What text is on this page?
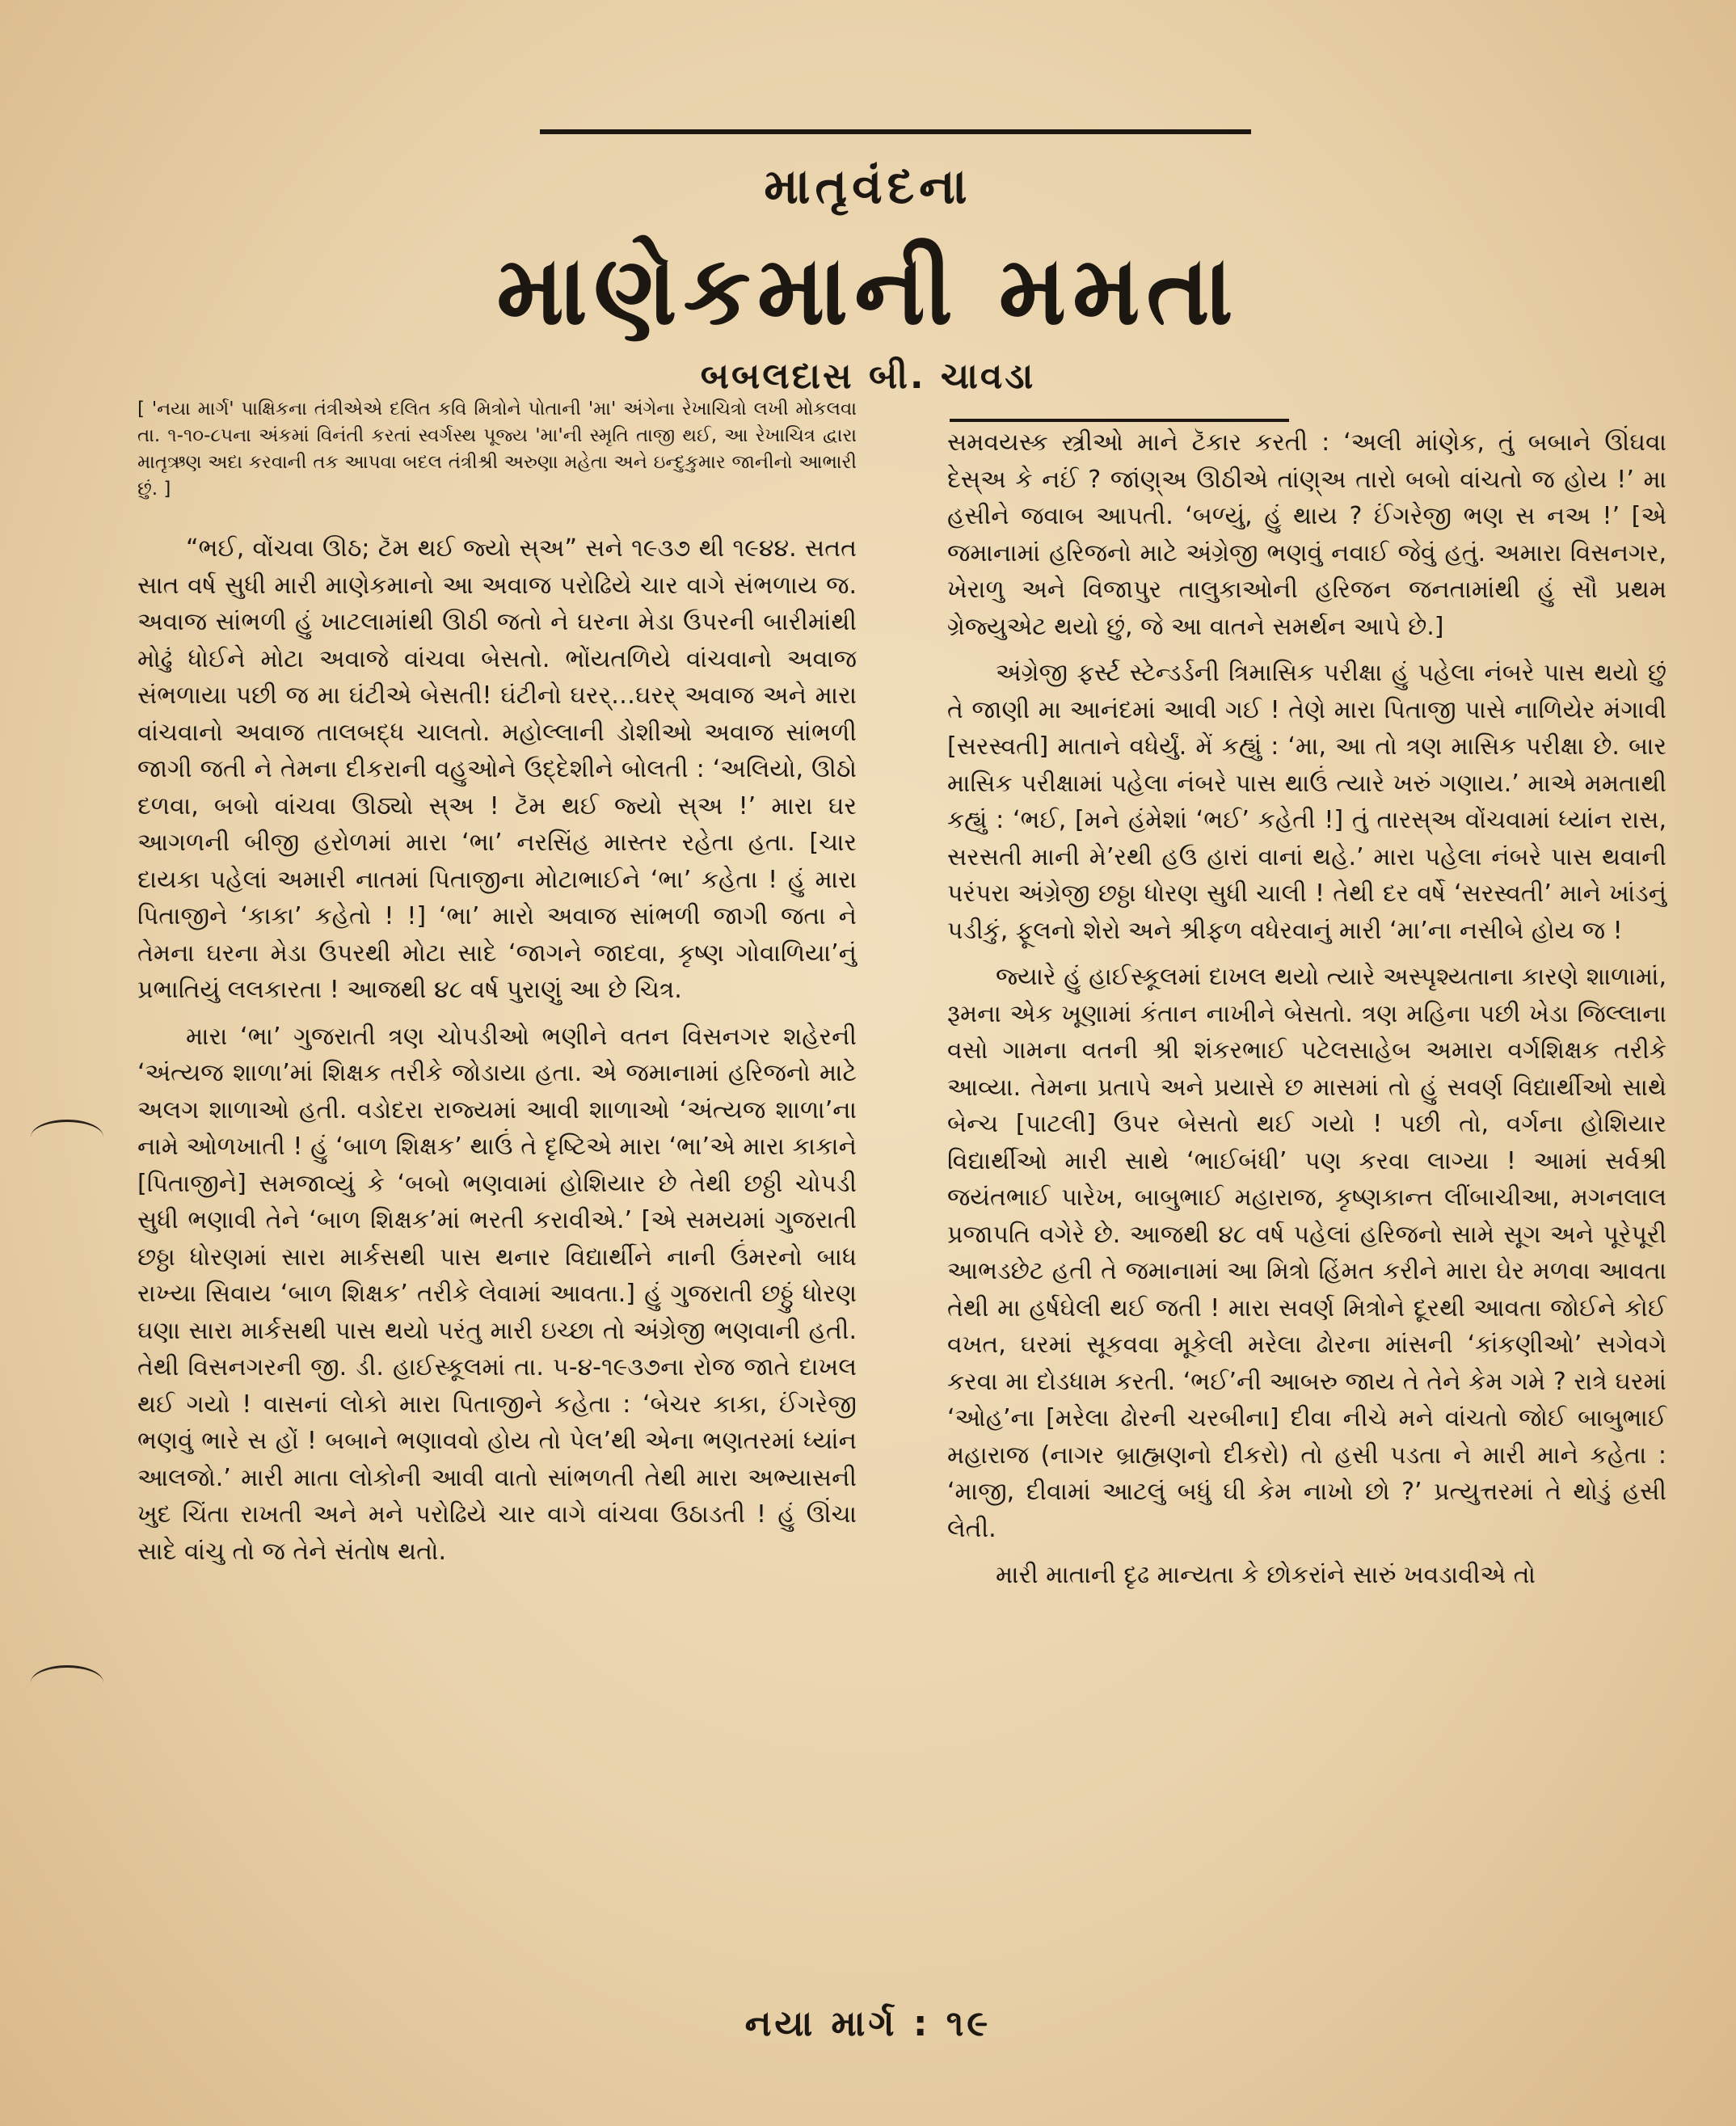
માતૃવંદના
માણેકમાની મમતા
બબલદાસ બી. ચાવડા

[ 'નયા માર્ગ' પાક્ષિકના તંત્રીએએ દલિત કવિ મિત્રોને પોતાની 'મા' અંગેના રેખાચિત્રો લખી મોકલવા તા. ૧-૧૦-૮૫ના અંકમાં વિનંતી કરતાં સ્વર્ગસ્થ પૂજ્ય 'મા'ની સ્મૃતિ તાજી થઈ, આ રેખાચિત્ર દ્વારા માતૃઋણ અદા કરવાની તક આપવા બદલ તંત્રીશ્રી અરુણા મહેતા અને ઇન્દુકુમાર જાનીનો આભારી છું. ]

“ભઈ, વોંચવા ઊઠ; ટૅમ થઈ જ્યો સ્અ” સને ૧૯૩૭ થી ૧૯૪૪. સતત સાત વર્ષ સુધી મારી માણેકમાનો આ અવાજ પરોઢિયે ચાર વાગે સંભળાય જ. અવાજ સાંભળી હું ખાટલામાંથી ઊઠી જતો ને ઘરના મેડા ઉપરની બારીમાંથી મોઢું ધોઈને મોટા અવાજે વાંચવા બેસતો. ભોંયતળિયે વાંચવાનો અવાજ સંભળાયા પછી જ મા ઘંટીએ બેસતી! ઘંટીનો ઘરર્…ઘરર્ અવાજ અને મારા વાંચવાનો અવાજ તાલબદ્ધ ચાલતો. મહોલ્લાની ડોશીઓ અવાજ સાંભળી જાગી જતી ને તેમના દીકરાની વહુઓને ઉદ્દેશીને બોલતી : ‘અલિયો, ઊઠો દળવા, બબો વાંચવા ઊઠ્યો સ્અ ! ટૅમ થઈ જ્યો સ્અ !’ મારા ઘર આગળની બીજી હરોળમાં મારા ‘ભા’ નરસિંહ માસ્તર રહેતા હતા. [ચાર દાયકા પહેલાં અમારી નાતમાં પિતાજીના મોટાભાઈને ‘ભા’ કહેતા ! હું મારા પિતાજીને ‘કાકા’ કહેતો ! !] ‘ભા’ મારો અવાજ સાંભળી જાગી જતા ને તેમના ઘરના મેડા ઉપરથી મોટા સાદે ‘જાગને જાદવા, કૃષ્ણ ગોવાળિયા’નું પ્રભાતિયું લલકારતા ! આજથી ૪૮ વર્ષ પુરાણું આ છે ચિત્ર.

મારા ‘ભા’ ગુજરાતી ત્રણ ચોપડીઓ ભણીને વતન વિસનગર શહેરની ‘અંત્યજ શાળા’માં શિક્ષક તરીકે જોડાયા હતા. એ જમાનામાં હરિજનો માટે અલગ શાળાઓ હતી. વડોદરા રાજ્યમાં આવી શાળાઓ ‘અંત્યજ શાળા’ના નામે ઓળખાતી ! હું ‘બાળ શિક્ષક’ થાઉં તે દૃષ્ટિએ મારા ‘ભા’એ મારા કાકાને [પિતાજીને] સમજાવ્યું કે ‘બબો ભણવામાં હોશિયાર છે તેથી છઠ્ઠી ચોપડી સુધી ભણાવી તેને ‘બાળ શિક્ષક’માં ભરતી કરાવીએ.’ [એ સમયમાં ગુજરાતી છઠ્ઠા ધોરણમાં સારા માર્કસથી પાસ થનાર વિદ્યાર્થીને નાની ઉંમરનો બાધ રાખ્યા સિવાય ‘બાળ શિક્ષક’ તરીકે લેવામાં આવતા.] હું ગુજરાતી છઠ્ઠું ધોરણ ઘણા સારા માર્કસથી પાસ થયો પરંતુ મારી ઇચ્છા તો અંગ્રેજી ભણવાની હતી. તેથી વિસનગરની જી. ડી. હાઈસ્કૂલમાં તા. ૫-૪-૧૯૩૭ના રોજ જાતે દાખલ થઈ ગયો ! વાસનાં લોકો મારા પિતાજીને કહેતા : ‘બેચર કાકા, ઈંગરેજી ભણવું ભારે સ હોં ! બબાને ભણાવવો હોય તો પેલ’થી એના ભણતરમાં ધ્યાંન આલજો.’ મારી માતા લોકોની આવી વાતો સાંભળતી તેથી મારા અભ્યાસની ખુદ ચિંતા રાખતી અને મને પરોઢિયે ચાર વાગે વાંચવા ઉઠાડતી ! હું ઊંચા સાદે વાંચુ તો જ તેને સંતોષ થતો.

સમવયસ્ક સ્ત્રીઓ માને ટૅકાર કરતી : ‘અલી માંણેક, તું બબાને ઊંઘવા દેસ્અ કે નઈં ? જાંણ્અ ઊઠીએ તાંણ્અ તારો બબો વાંચતો જ હોય !’ મા હસીને જવાબ આપતી. ‘બળ્યું, હું થાય ? ઈંગરેજી ભણ સ નઅ !’ [એ જમાનામાં હરિજનો માટે અંગ્રેજી ભણવું નવાઈ જેવું હતું. અમારા વિસનગર, ખેરાળુ અને વિજાપુર તાલુકાઓની હરિજન જનતામાંથી હું સૌ પ્રથમ ગ્રેજ્યુએટ થયો છું, જે આ વાતને સમર્થન આપે છે.]

અંગ્રેજી ફર્સ્ટ સ્ટેન્ડર્ડની ત્રિમાસિક પરીક્ષા હું પહેલા નંબરે પાસ થયો છું તે જાણી મા આનંદમાં આવી ગઈ ! તેણે મારા પિતાજી પાસે નાળિયેર મંગાવી [સરસ્વતી] માતાને વધેર્યું. મેં કહ્યું : ‘મા, આ તો ત્રણ માસિક પરીક્ષા છે. બાર માસિક પરીક્ષામાં પહેલા નંબરે પાસ થાઉં ત્યારે ખરું ગણાય.’ માએ મમતાથી કહ્યું : ‘ભઈ, [મને હંમેશાં ‘ભઈ’ કહેતી !] તું તારસ્અ વોંચવામાં ધ્યાંન રાસ, સરસતી માની મે’રથી હઉ હારાં વાનાં થહે.’ મારા પહેલા નંબરે પાસ થવાની પરંપરા અંગ્રેજી છઠ્ઠા ધોરણ સુધી ચાલી ! તેથી દર વર્ષે ‘સરસ્વતી’ માને ખાંડનું પડીકું, ફૂલનો શેરો અને શ્રીફળ વધેરવાનું મારી ‘મા’ના નસીબે હોય જ !

જ્યારે હું હાઈસ્કૂલમાં દાખલ થયો ત્યારે અસ્પૃશ્યતાના કારણે શાળામાં, રૂમના એક ખૂણામાં કંતાન નાખીને બેસતો. ત્રણ મહિના પછી ખેડા જિલ્લાના વસો ગામના વતની શ્રી શંકરભાઈ પટેલસાહેબ અમારા વર્ગશિક્ષક તરીકે આવ્યા. તેમના પ્રતાપે અને પ્રયાસે છ માસમાં તો હું સવર્ણ વિદ્યાર્થીઓ સાથે બેન્ચ [પાટલી] ઉપર બેસતો થઈ ગયો ! પછી તો, વર્ગના હોશિયાર વિદ્યાર્થીઓ મારી સાથે ‘ભાઈબંધી’ પણ કરવા લાગ્યા ! આમાં સર્વશ્રી જયંતભાઈ પારેખ, બાબુભાઈ મહારાજ, કૃષ્ણકાન્ત લીંબાચીઆ, મગનલાલ પ્રજાપતિ વગેરે છે. આજથી ૪૮ વર્ષ પહેલાં હરિજનો સામે સૂગ અને પૂરેપૂરી આભડછેટ હતી તે જમાનામાં આ મિત્રો હિંમત કરીને મારા ઘેર મળવા આવતા તેથી મા હર્ષઘેલી થઈ જતી ! મારા સવર્ણ મિત્રોને દૂરથી આવતા જોઈને કોઈ વખત, ઘરમાં સૂકવવા મૂકેલી મરેલા ઢોરના માંસની ‘કાંકણીઓ’ સગેવગે કરવા મા દોડધામ કરતી. ‘ભઈ’ની આબરુ જાય તે તેને કેમ ગમે ? રાત્રે ઘરમાં ‘ઓહ’ના [મરેલા ઢોરની ચરબીના] દીવા નીચે મને વાંચતો જોઈ બાબુભાઈ મહારાજ (નાગર બ્રાહ્મણનો દીકરો) તો હસી પડતા ને મારી માને કહેતા : ‘માજી, દીવામાં આટલું બધું ઘી કેમ નાખો છો ?’ પ્રત્યુત્તરમાં તે થોડું હસી લેતી.

મારી માતાની દૃઢ માન્યતા કે છોકરાંને સારું ખવડાવીએ તો

નયા માર્ગ : ૧૯
